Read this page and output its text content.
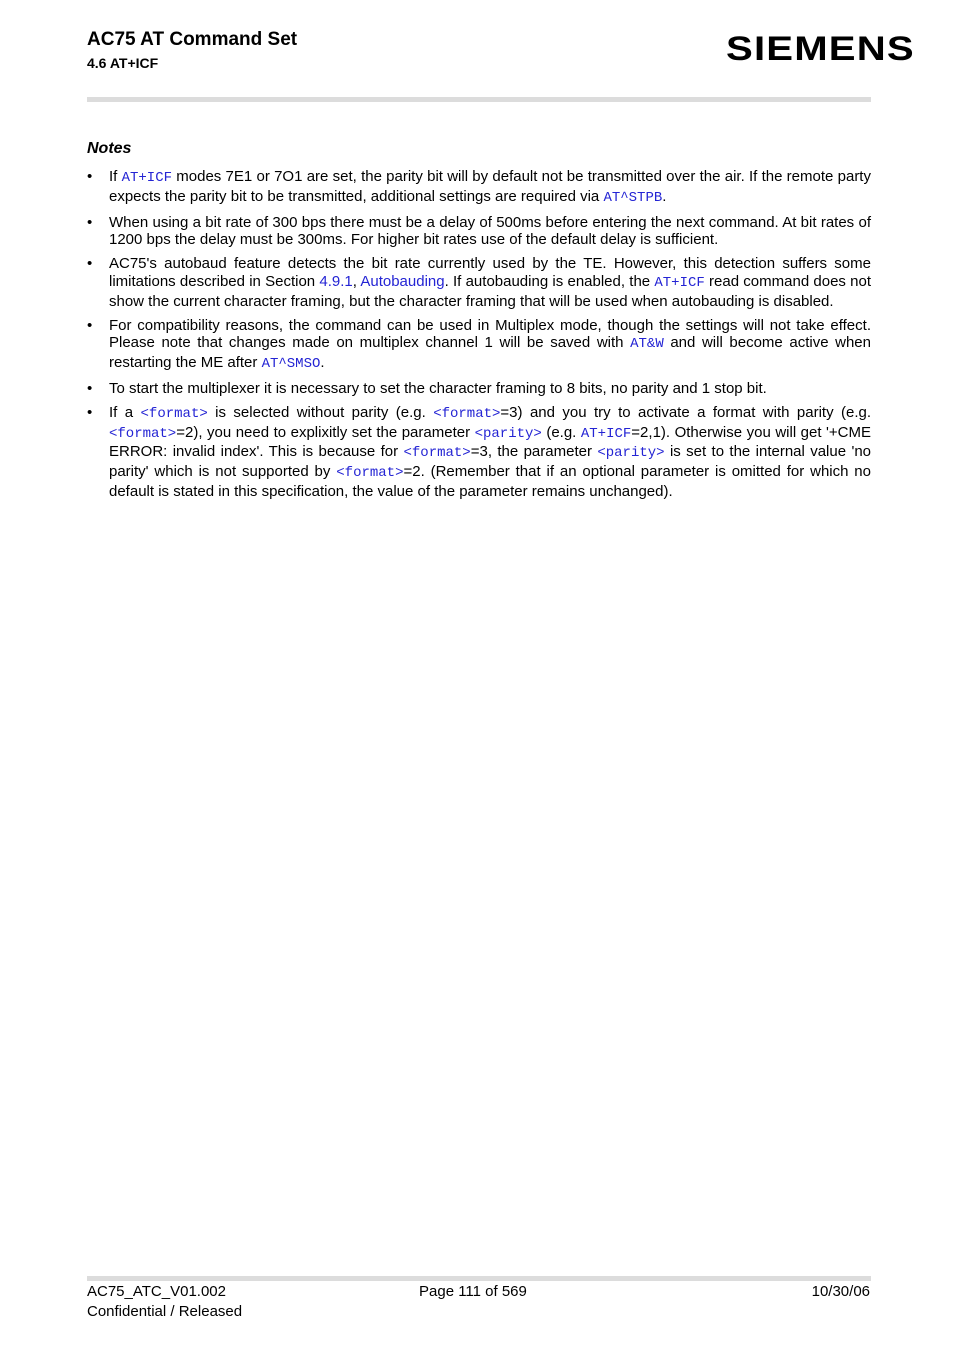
AC75 AT Command Set
4.6 AT+ICF	SIEMENS
Notes
• If AT+ICF modes 7E1 or 7O1 are set, the parity bit will by default not be transmitted over the air. If the remote party expects the parity bit to be transmitted, additional settings are required via AT^STPB.
• When using a bit rate of 300 bps there must be a delay of 500ms before entering the next command. At bit rates of 1200 bps the delay must be 300ms. For higher bit rates use of the default delay is sufficient.
• AC75's autobaud feature detects the bit rate currently used by the TE. However, this detection suffers some limitations described in Section 4.9.1, Autobauding. If autobauding is enabled, the AT+ICF read command does not show the current character framing, but the character framing that will be used when autobauding is disabled.
• For compatibility reasons, the command can be used in Multiplex mode, though the settings will not take effect. Please note that changes made on multiplex channel 1 will be saved with AT&W and will become active when restarting the ME after AT^SMSO.
• To start the multiplexer it is necessary to set the character framing to 8 bits, no parity and 1 stop bit.
• If a <format> is selected without parity (e.g. <format>=3) and you try to activate a format with parity (e.g. <format>=2), you need to explixitly set the parameter <parity> (e.g. AT+ICF=2,1). Otherwise you will get '+CME ERROR: invalid index'. This is because for <format>=3, the parameter <parity> is set to the internal value 'no parity' which is not supported by <format>=2. (Remember that if an optional parameter is omitted for which no default is stated in this specification, the value of the parameter remains unchanged).
AC75_ATC_V01.002
Confidential / Released
Page 111 of 569	10/30/06
